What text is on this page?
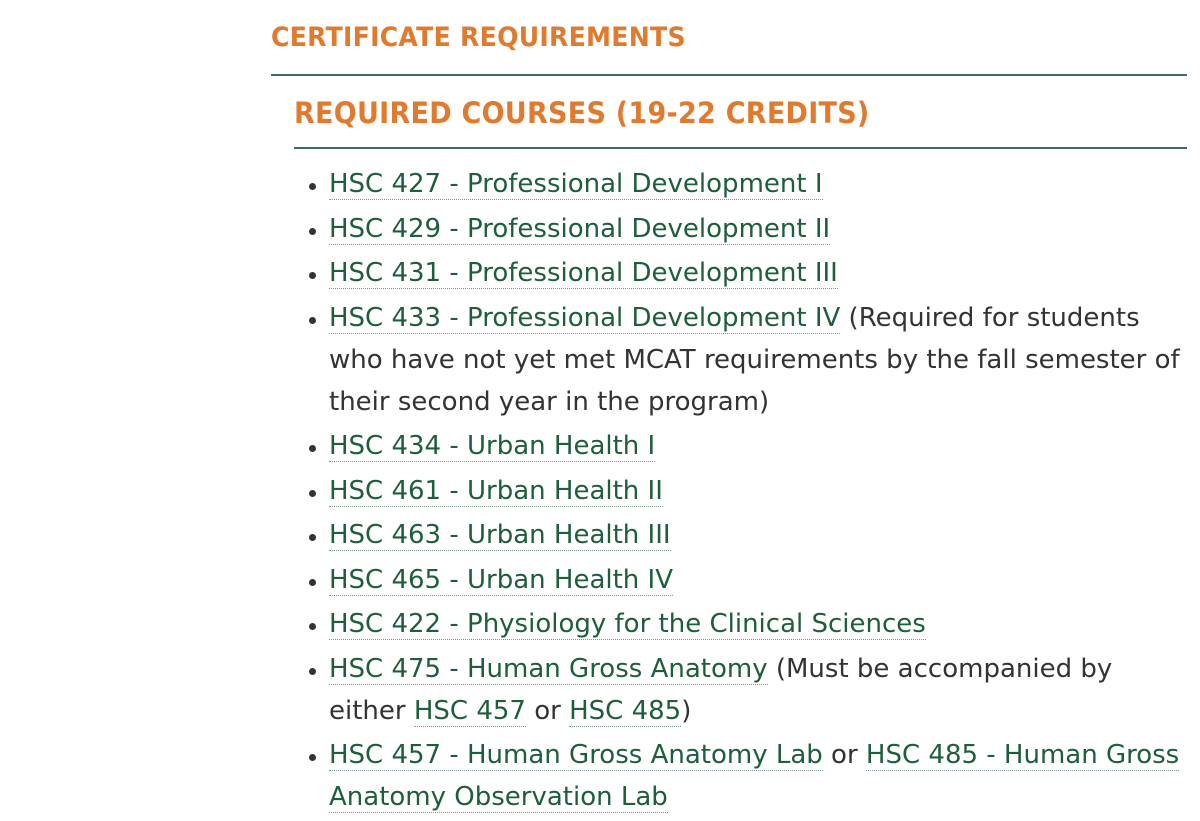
CERTIFICATE REQUIREMENTS
REQUIRED COURSES (19-22 CREDITS)
HSC 427 - Professional Development I
HSC 429 - Professional Development II
HSC 431 - Professional Development III
HSC 433 - Professional Development IV (Required for students who have not yet met MCAT requirements by the fall semester of their second year in the program)
HSC 434 - Urban Health I
HSC 461 - Urban Health II
HSC 463 - Urban Health III
HSC 465 - Urban Health IV
HSC 422 - Physiology for the Clinical Sciences
HSC 475 - Human Gross Anatomy (Must be accompanied by either HSC 457 or HSC 485)
HSC 457 - Human Gross Anatomy Lab or HSC 485 - Human Gross Anatomy Observation Lab
